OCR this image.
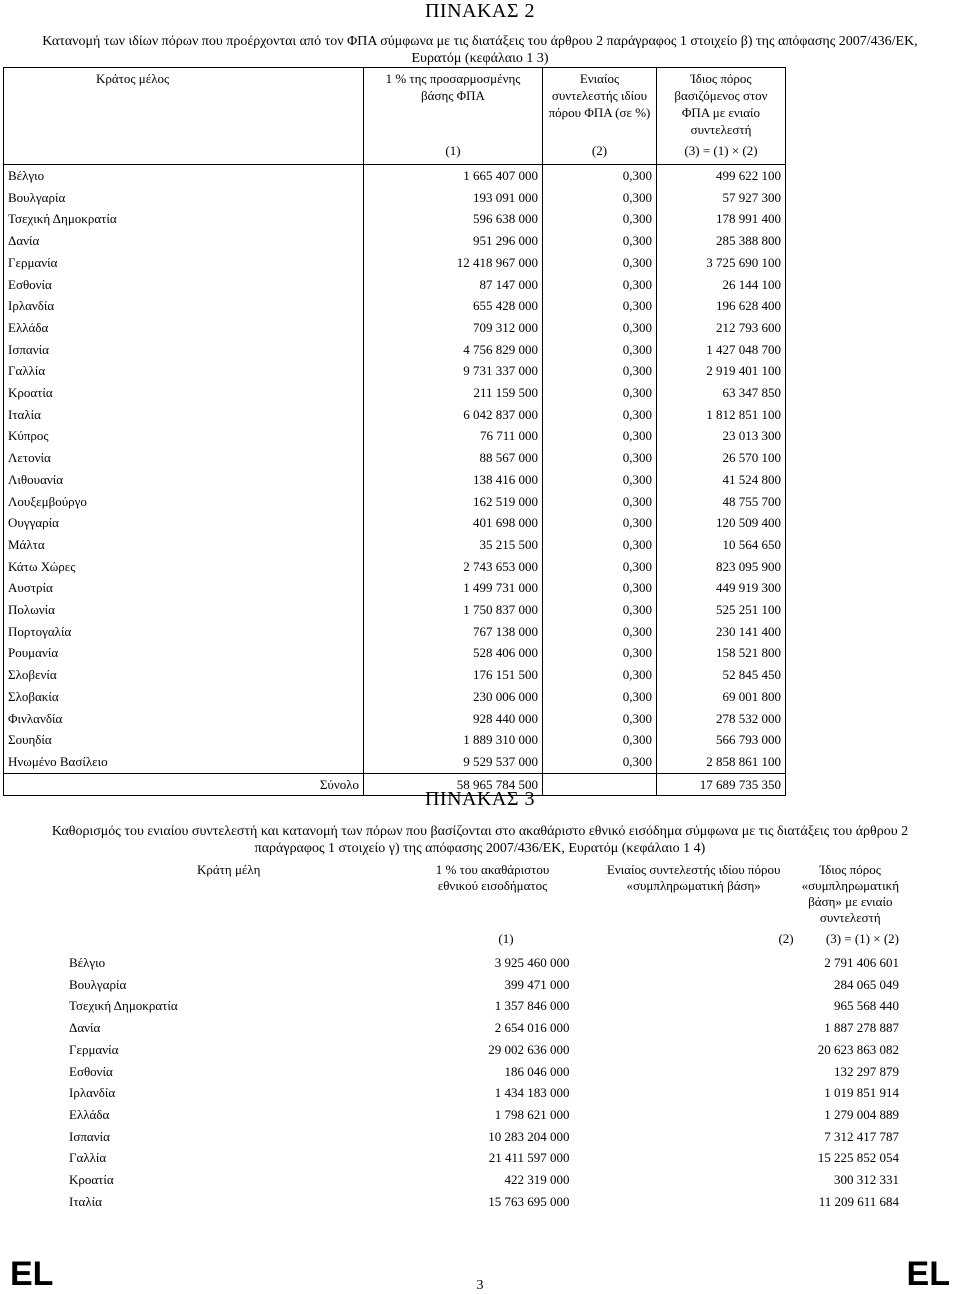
ΠΙΝΑΚΑΣ 2
Κατανομή των ιδίων πόρων που προέρχονται από τον ΦΠΑ σύμφωνα με τις διατάξεις του άρθρου 2 παράγραφος 1 στοιχείο β) της απόφασης 2007/436/ΕΚ, Ευρατόμ (κεφάλαιο 1 3)
Κράτος μέλος	1 % της προσαρμοσμένης βάσης ΦΠΑ	Ενιαίος συντελεστής ιδίου πόρου ΦΠΑ (σε %)	Ίδιος πόρος βασιζόμενος στον ΦΠΑ με ενιαίο συντελεστή
	(1)	(2)	(3) = (1) × (2)
Βέλγιο	1 665 407 000	0,300	499 622 100
Βουλγαρία	193 091 000	0,300	57 927 300
Τσεχική Δημοκρατία	596 638 000	0,300	178 991 400
Δανία	951 296 000	0,300	285 388 800
Γερμανία	12 418 967 000	0,300	3 725 690 100
Εσθονία	87 147 000	0,300	26 144 100
Ιρλανδία	655 428 000	0,300	196 628 400
Ελλάδα	709 312 000	0,300	212 793 600
Ισπανία	4 756 829 000	0,300	1 427 048 700
Γαλλία	9 731 337 000	0,300	2 919 401 100
Κροατία	211 159 500	0,300	63 347 850
Ιταλία	6 042 837 000	0,300	1 812 851 100
Κύπρος	76 711 000	0,300	23 013 300
Λετονία	88 567 000	0,300	26 570 100
Λιθουανία	138 416 000	0,300	41 524 800
Λουξεμβούργο	162 519 000	0,300	48 755 700
Ουγγαρία	401 698 000	0,300	120 509 400
Μάλτα	35 215 500	0,300	10 564 650
Κάτω Χώρες	2 743 653 000	0,300	823 095 900
Αυστρία	1 499 731 000	0,300	449 919 300
Πολωνία	1 750 837 000	0,300	525 251 100
Πορτογαλία	767 138 000	0,300	230 141 400
Ρουμανία	528 406 000	0,300	158 521 800
Σλοβενία	176 151 500	0,300	52 845 450
Σλοβακία	230 006 000	0,300	69 001 800
Φινλανδία	928 440 000	0,300	278 532 000
Σουηδία	1 889 310 000	0,300	566 793 000
Ηνωμένο Βασίλειο	9 529 537 000	0,300	2 858 861 100
Σύνολο	58 965 784 500		17 689 735 350
ΠΙΝΑΚΑΣ 3
Καθορισμός του ενιαίου συντελεστή και κατανομή των πόρων που βασίζονται στο ακαθάριστο εθνικό εισόδημα σύμφωνα με τις διατάξεις του άρθρου 2 παράγραφος 1 στοιχείο γ) της απόφασης 2007/436/ΕΚ, Ευρατόμ (κεφάλαιο 1 4)
Κράτη μέλη	1 % του ακαθάριστου εθνικού εισοδήματος	Ενιαίος συντελεστής ιδίου πόρου «συμπληρωματική βάση»	Ίδιος πόρος «συμπληρωματική βάση» με ενιαίο συντελεστή
	(1)	(2)	(3) = (1) × (2)
Βέλγιο	3 925 460 000		2 791 406 601
Βουλγαρία	399 471 000		284 065 049
Τσεχική Δημοκρατία	1 357 846 000		965 568 440
Δανία	2 654 016 000		1 887 278 887
Γερμανία	29 002 636 000		20 623 863 082
Εσθονία	186 046 000		132 297 879
Ιρλανδία	1 434 183 000		1 019 851 914
Ελλάδα	1 798 621 000		1 279 004 889
Ισπανία	10 283 204 000		7 312 417 787
Γαλλία	21 411 597 000		15 225 852 054
Κροατία	422 319 000		300 312 331
Ιταλία	15 763 695 000		11 209 611 684
EL	3	EL
